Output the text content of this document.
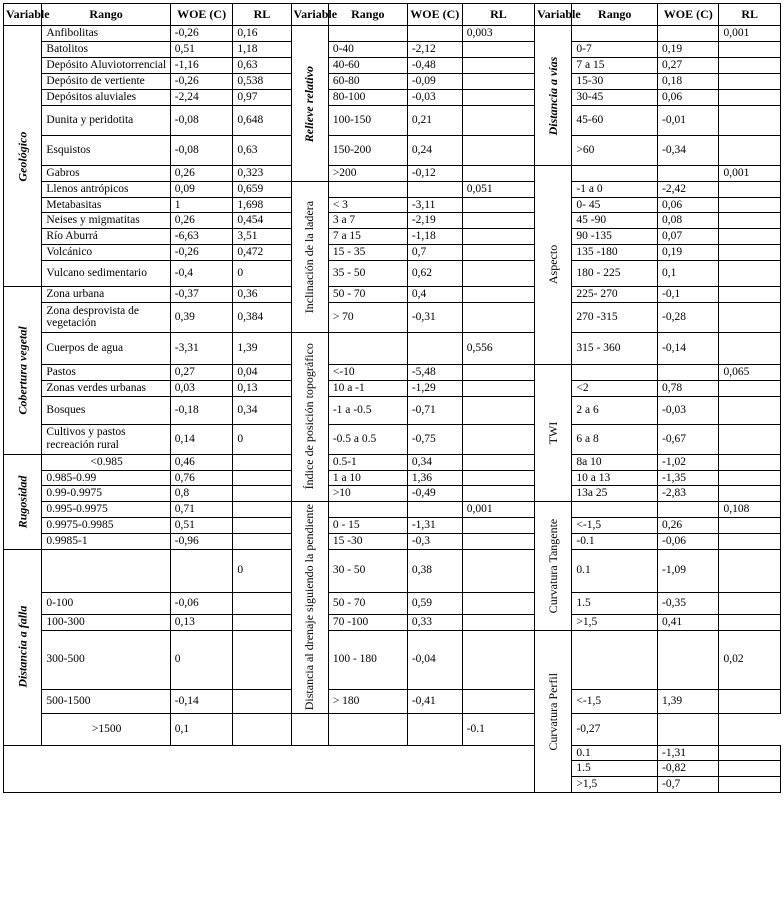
Variable	Rango	WOE (C)	RL	Variable	Rango	WOE (C)	RL	Variable	Rango	WOE (C)	RL
Geológico	Anfibolitas	-0,26	0,16	Relieve relativo			0,003	Distancia a vías			0,001
	Batolitos	0,51	1,18		0-40	-2,12			0-7	0,19	
	Depósito Aluviotorrencial	-1,16	0,63		40-60	-0,48			7 a 15	0,27	
	Depósito de vertiente	-0,26	0,538		60-80	-0,09			15-30	0,18	
	Depósitos aluviales	-2,24	0,97		80-100	-0,03			30-45	0,06	
	Dunita y peridotita	-0,08	0,648		100-150	0,21			45-60	-0,01	
	Esquistos	-0,08	0,63		150-200	0,24			>60	-0,34	
	Gabros	0,26	0,323		>200	-0,12		Aspecto			0,001
	Llenos antrópicos	0,09	0,659	Inclinación de la ladera			0,051		-1 a 0	-2,42	
	Metabasitas	1	1,698		< 3	-3,11			0- 45	0,06	
	Neises y migmatitas	0,26	0,454		3 a 7	-2,19			45 -90	0,08	
	Río Aburrá	-6,63	3,51		7 a 15	-1,18			90 -135	0,07	
	Volcánico	-0,26	0,472		15 - 35	0,7			135 -180	0,19	
	Vulcano sedimentario	-0,4	0		35 - 50	0,62			180 - 225	0,1	
Cobertura vegetal	Zona urbana	-0,37	0,36		50 - 70	0,4			225- 270	-0,1	
	Zona desprovista de vegetación	0,39	0,384		> 70	-0,31			270 -315	-0,28	
	Cuerpos de agua	-3,31	1,39	Índice de posición topográfico			0,556		315 - 360	-0,14	
	Pastos	0,27	0,04		<-10	-5,48		TWI			0,065
	Zonas verdes urbanas	0,03	0,13		10 a -1	-1,29			<2	0,78	
	Bosques	-0,18	0,34		-1 a -0.5	-0,71			2 a 6	-0,03	
	Cultivos y pastos recreación rural	0,14	0		-0.5 a 0.5	-0,75			6 a 8	-0,67	
Rugosidad	<0.985	0,46			0.5-1	0,34			8a 10	-1,02	
	0.985-0.99	0,76			1 a 10	1,36			10 a 13	-1,35	
	0.99-0.9975	0,8			>10	-0,49			13a 25	-2,83	
	0.995-0.9975	0,71		Distancia al drenaje siguiendo la pendiente			0,001	Curvatura Tangente			0,108
	0.9975-0.9985	0,51			0 - 15	-1,31			<-1,5	0,26	
	0.9985-1	-0,96			15 -30	-0,3			-0.1	-0,06	
Distancia a falla			0		30 - 50	0,38			0.1	-1,09	
	0-100	-0,06			50 - 70	0,59			1.5	-0,35	
	100-300	0,13			70 -100	0,33			>1,5	0,41	
	300-500	0			100 - 180	-0,04		Curvatura Perfil			0,02
	500-1500	-0,14			> 180	-0,41			<-1,5	1,39	
	>1500	0,1					-0.1		-0,27		
									0.1	-1,31	
									1.5	-0,82	
									>1,5	-0,7	
